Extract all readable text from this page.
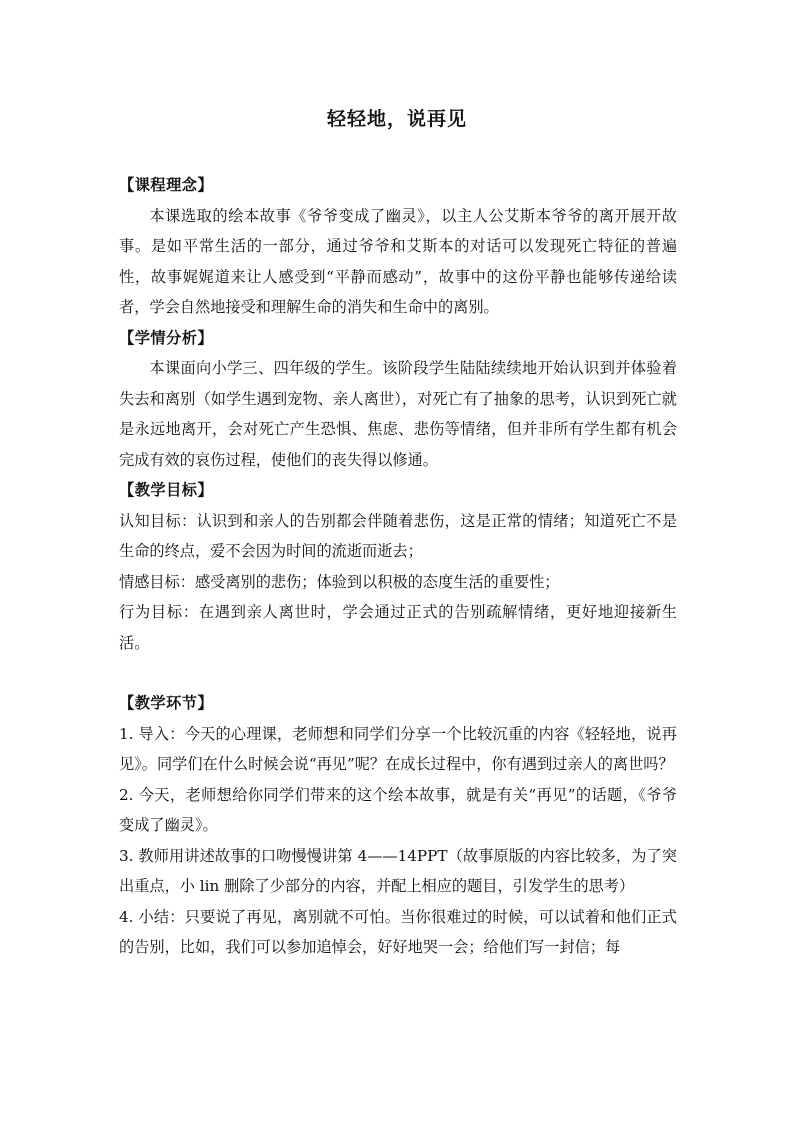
轻轻地，说再见

【课程理念】

本课选取的绘本故事《爷爷变成了幽灵》，以主人公艾斯本爷爷的离开展开故事。是如平常生活的一部分，通过爷爷和艾斯本的对话可以发现死亡特征的普遍性，故事娓娓道来让人感受到“平静而感动”，故事中的这份平静也能够传递给读者，学会自然地接受和理解生命的消失和生命中的离别。

【学情分析】

本课面向小学三、四年级的学生。该阶段学生陆陆续续地开始认识到并体验着失去和离别（如学生遇到宠物、亲人离世），对死亡有了抽象的思考，认识到死亡就是永远地离开，会对死亡产生恐惧、焦虑、悲伤等情绪，但并非所有学生都有机会完成有效的哀伤过程，使他们的丧失得以修通。

【教学目标】

认知目标：认识到和亲人的告别都会伴随着悲伤，这是正常的情绪；知道死亡不是生命的终点，爱不会因为时间的流逝而逝去；

情感目标：感受离别的悲伤；体验到以积极的态度生活的重要性；

行为目标：在遇到亲人离世时，学会通过正式的告别疏解情绪，更好地迎接新生活。

【教学环节】

1. 导入：今天的心理课，老师想和同学们分享一个比较沉重的内容《轻轻地，说再见》。同学们在什么时候会说“再见”呢？在成长过程中，你有遇到过亲人的离世吗？

2. 今天，老师想给你同学们带来的这个绘本故事，就是有关“再见”的话题，《爷爷变成了幽灵》。

3. 教师用讲述故事的口吻慢慢讲第 4——14PPT（故事原版的内容比较多，为了突出重点，小 lin 删除了少部分的内容，并配上相应的题目，引发学生的思考）

4. 小结：只要说了再见，离别就不可怕。当你很难过的时候，可以试着和他们正式的告别，比如，我们可以参加追悼会，好好地哭一会；给他们写一封信；每
